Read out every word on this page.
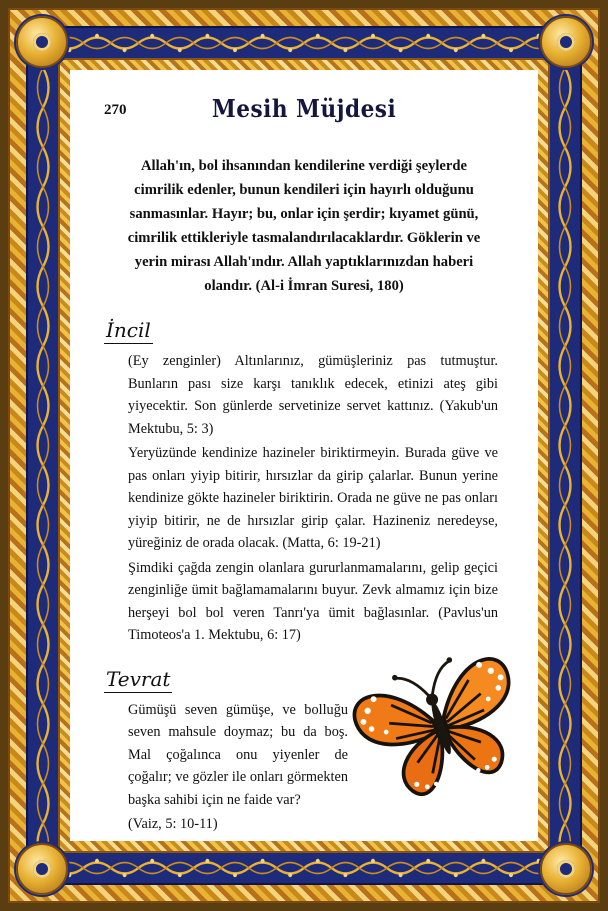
270	Mesih Müjdesi
Allah'ın, bol ihsanından kendilerine verdiği şeylerde cimrilik edenler, bunun kendileri için hayırlı olduğunu sanmasınlar. Hayır; bu, onlar için şerdir; kıyamet günü, cimrilik ettikleriyle tasmalandırılacaklardır. Göklerin ve yerin mirası Allah'ındır. Allah yaptıklarınızdan haberi olandır. (Al-i İmran Suresi, 180)
İncil

(Ey zenginler) Altınlarınız, gümüşleriniz pas tutmuştur. Bunların pası size karşı tanıklık edecek, etinizi ateş gibi yiyecektir. Son günlerde servetinize servet kattınız. (Yakub'un Mektubu, 5: 3)

Yeryüzünde kendinize hazineler biriktirmeyin. Burada güve ve pas onları yiyip bitirir, hırsızlar da girip çalarlar. Bunun yerine kendinize gökte hazineler biriktirin. Orada ne güve ne pas onları yiyip bitirir, ne de hırsızlar girip çalar. Hazineniz neredeyse, yüreğiniz de orada olacak. (Matta, 6: 19-21)

Şimdiki çağda zengin olanlara gururlanmamalarını, gelip geçici zenginliğe ümit bağlamamalarını buyur. Zevk almamız için bize herşeyi bol bol veren Tanrı'ya ümit bağlasınlar. (Pavlus'un Timoteos'a 1. Mektubu, 6: 17)

Tevrat

Gümüşü seven gümüşe, ve bolluğu seven mahsule doymaz; bu da boş. Mal çoğalınca onu yiyenler de çoğalır; ve gözler ile onları görmekten başka sahibi için ne faide var?

(Vaiz, 5: 10-11)
